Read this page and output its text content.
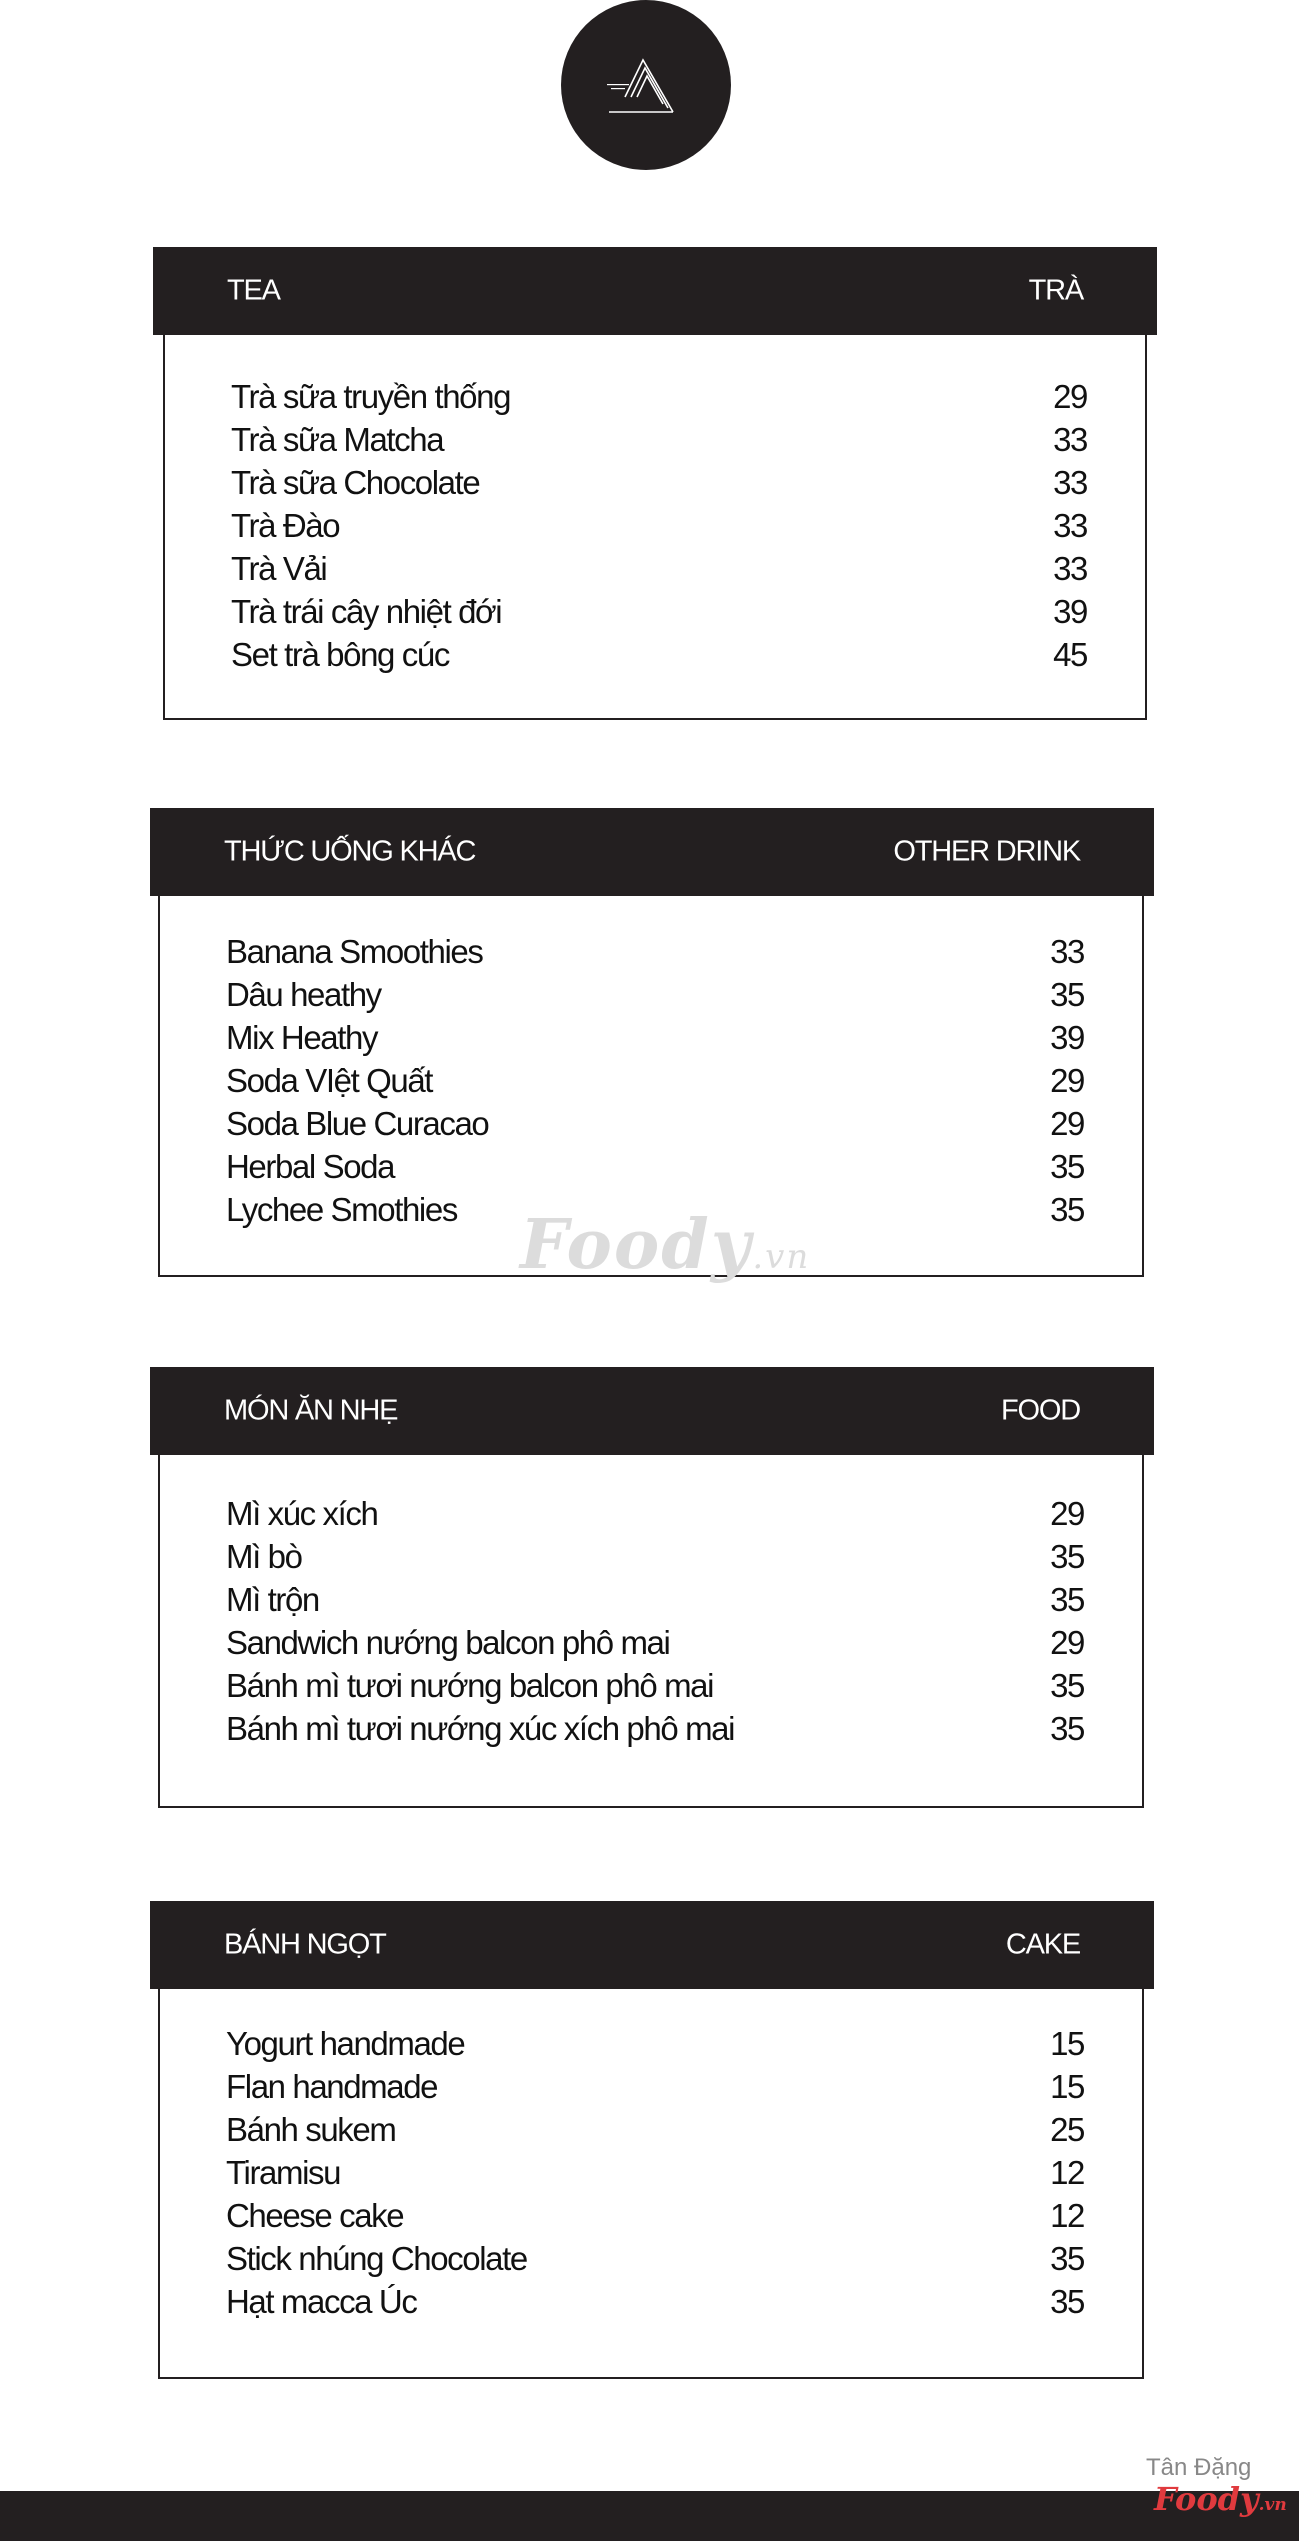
TEA	TRÀ
Trà sữa truyền thống	29
Trà sữa Matcha	33
Trà sữa Chocolate	33
Trà Đào	33
Trà Vải	33
Trà trái cây nhiệt đới	39
Set trà bông cúc	45
THỨC UỐNG KHÁC	OTHER DRINK
Banana Smoothies	33
Dâu heathy	35
Mix Heathy	39
Soda VIệt Quất	29
Soda Blue Curacao	29
Herbal Soda	35
Lychee Smothies	35
MÓN ĂN NHẸ	FOOD
Mì xúc xích	29
Mì bò	35
Mì trộn	35
Sandwich nướng balcon phô mai	29
Bánh mì tươi nướng balcon phô mai	35
Bánh mì tươi nướng xúc xích phô mai	35
BÁNH NGỌT	CAKE
Yogurt handmade	15
Flan handmade	15
Bánh sukem	25
Tiramisu	12
Cheese cake	12
Stick nhúng Chocolate	35
Hạt macca Úc	35
Foody.vn
Tân Đặng
Foody.vn
